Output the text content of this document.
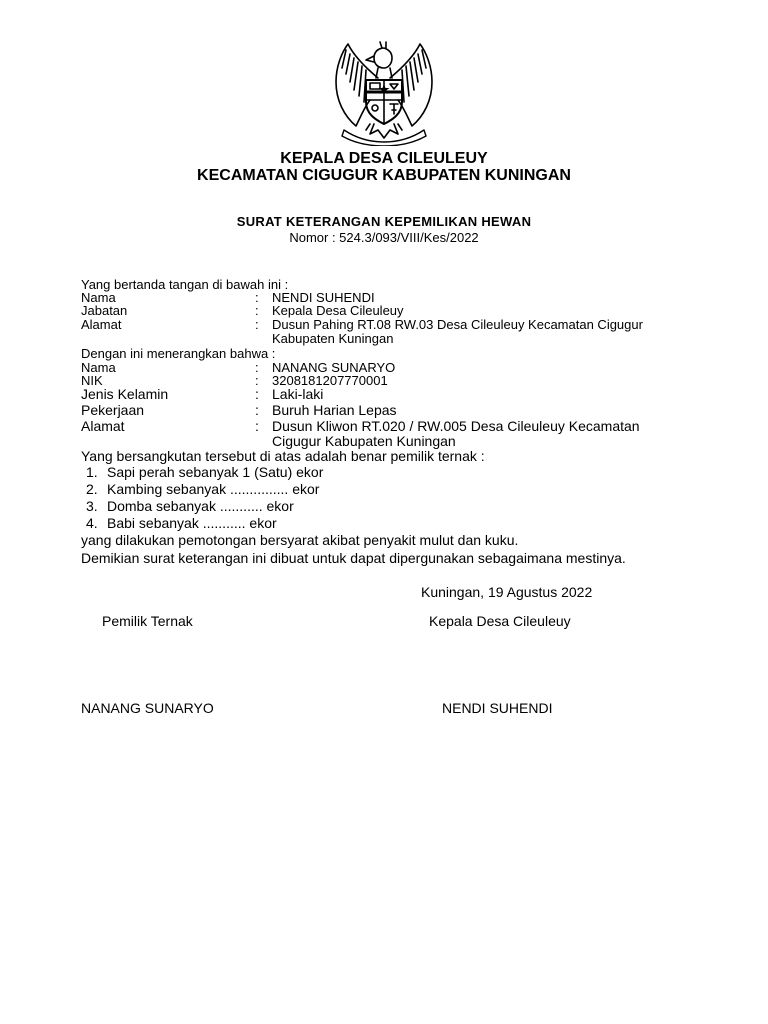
KEPALA DESA CILEULEUY
KECAMATAN CIGUGUR KABUPATEN KUNINGAN
SURAT KETERANGAN KEPEMILIKAN HEWAN
Nomor : 524.3/093/VIII/Kes/2022
Yang bertanda tangan di bawah ini :
Nama	: NENDI SUHENDI
Jabatan	: Kepala Desa Cileuleuy
Alamat	: Dusun Pahing RT.08 RW.03 Desa Cileuleuy Kecamatan Cigugur
Kabupaten Kuningan
Dengan ini menerangkan bahwa :
Nama	: NANANG SUNARYO
NIK	: 3208181207770001
Jenis Kelamin	: Laki-laki
Pekerjaan	: Buruh Harian Lepas
Alamat	: Dusun Kliwon RT.020 / RW.005 Desa Cileuleuy Kecamatan
Cigugur Kabupaten Kuningan
Yang bersangkutan tersebut di atas adalah benar pemilik ternak :
1. Sapi perah sebanyak 1 (Satu) ekor
2. Kambing sebanyak ............... ekor
3. Domba sebanyak ........... ekor
4. Babi sebanyak ........... ekor
yang dilakukan pemotongan bersyarat akibat penyakit mulut dan kuku.
Demikian surat keterangan ini dibuat untuk dapat dipergunakan sebagaimana mestinya.
Kuningan, 19 Agustus 2022
Pemilik Ternak	Kepala Desa Cileuleuy
NANANG SUNARYO	NENDI SUHENDI
